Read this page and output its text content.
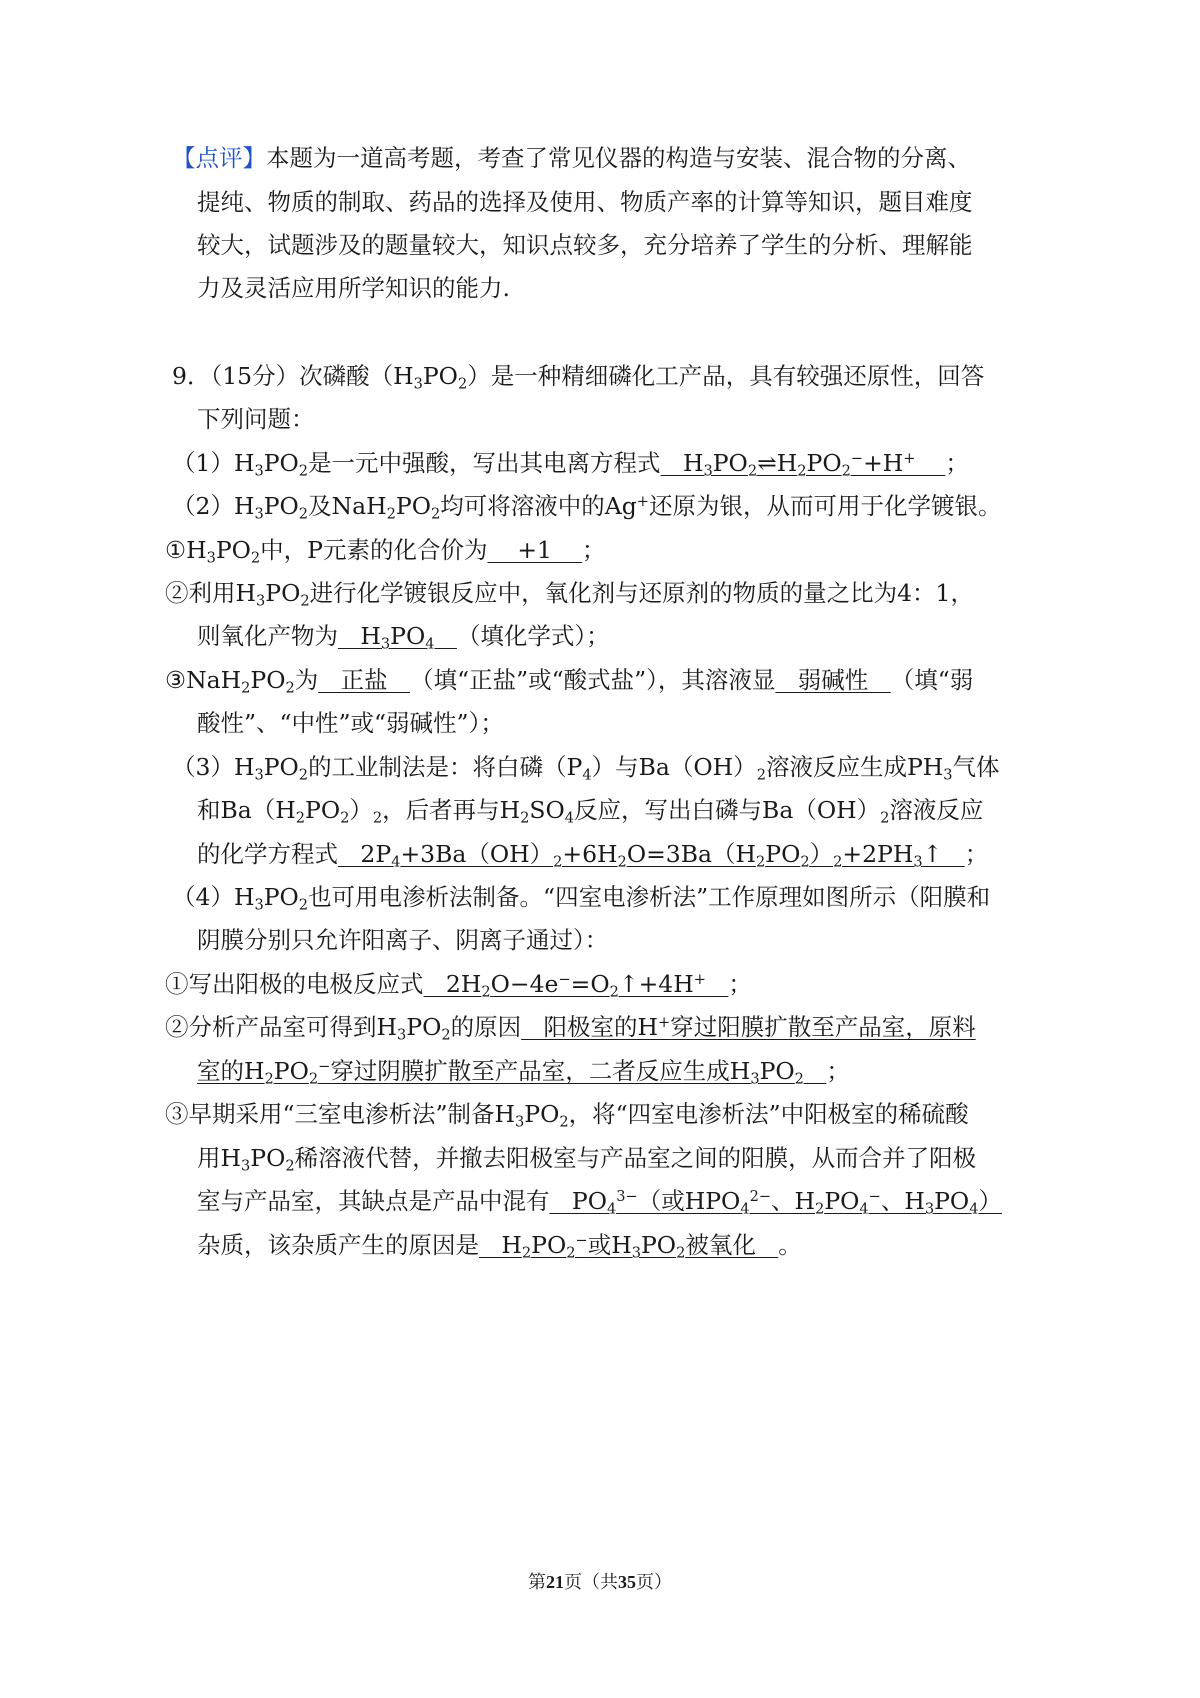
【点评】本题为一道高考题，考查了常见仪器的构造与安装、混合物的分离、
提纯、物质的制取、药品的选择及使用、物质产率的计算等知识，题目难度
较大，试题涉及的题量较大，知识点较多，充分培养了学生的分析、理解能
力及灵活应用所学知识的能力.
9．（15分）次磷酸$(H_3PO_2)$是一种精细磷化工产品，具有较强还原性，回答
下列问题：
$(1)H_3PO_2$是一元中强酸，写出其电离方程式   $H_3PO_2\rightleftharpoons H_2PO_2^-+H^+$ ；
$(2)H_3PO_2$及$NaH_2PO_2$均可将溶液中的Ag+还原为银，从而可用于化学镀银。
$①H_3PO_2$中，P元素的化合价为    +1    ；
②利用$H_3PO_2$进行化学镀银反应中，氧化剂与还原剂的物质的量之比为4：1，
则氧化产物为   $H_3PO_4$ （填化学式）；
$③NaH_2PO_2$为   正盐   （填“正盐”或“酸式盐”），其溶液显   弱碱性   （填“弱
酸性”、“中性”或“弱碱性”）；
$(3)H_3PO_2$的工业制法是：将白磷$(P_4)$与$Ba(OH)_2$溶液反应生成$PH_3$气体
和$Ba(H_2PO_2)_2$，后者再与$H_2SO_4$反应，写出白磷与$Ba(OH)_2$溶液反应
的化学方程式   $2P_4+3Ba(OH)_2+6H_2O=3Ba(H_2PO_2)_2+2PH_3↑$   ；
$(4)H_3PO_2$也可用电渗析法制备。“四室电渗析法”工作原理如图所示（阳膜和
阴膜分别只允许阳离子、阴离子通过）：
①写出阳极的电极反应式   $2H_2O-4e^-=O_2↑+4H^+$ ；
②分析产品室可得到$H_3PO_2$的原因   阳极室的H+穿过阳膜扩散至产品室，原料
室的$H_2PO_2^-$穿过阴膜扩散至产品室，二者反应生成$H_3PO_2$ ；
③早期采用“三室电渗析法”制备$H_3PO_2$，将“四室电渗析法”中阳极室的稀硫酸
用$H_3PO_2$稀溶液代替，并撤去阳极室与产品室之间的阳膜，从而合并了阳极
室与产品室，其缺点是产品中混有   $PO_4^{3-}$（或$HPO_4^{2-}$、$H_2PO_4^-$、$H_3PO_4$）
杂质，该杂质产生的原因是   $H_2PO_2^-$或$H_3PO_2$被氧化   。
第21页（共35页）
